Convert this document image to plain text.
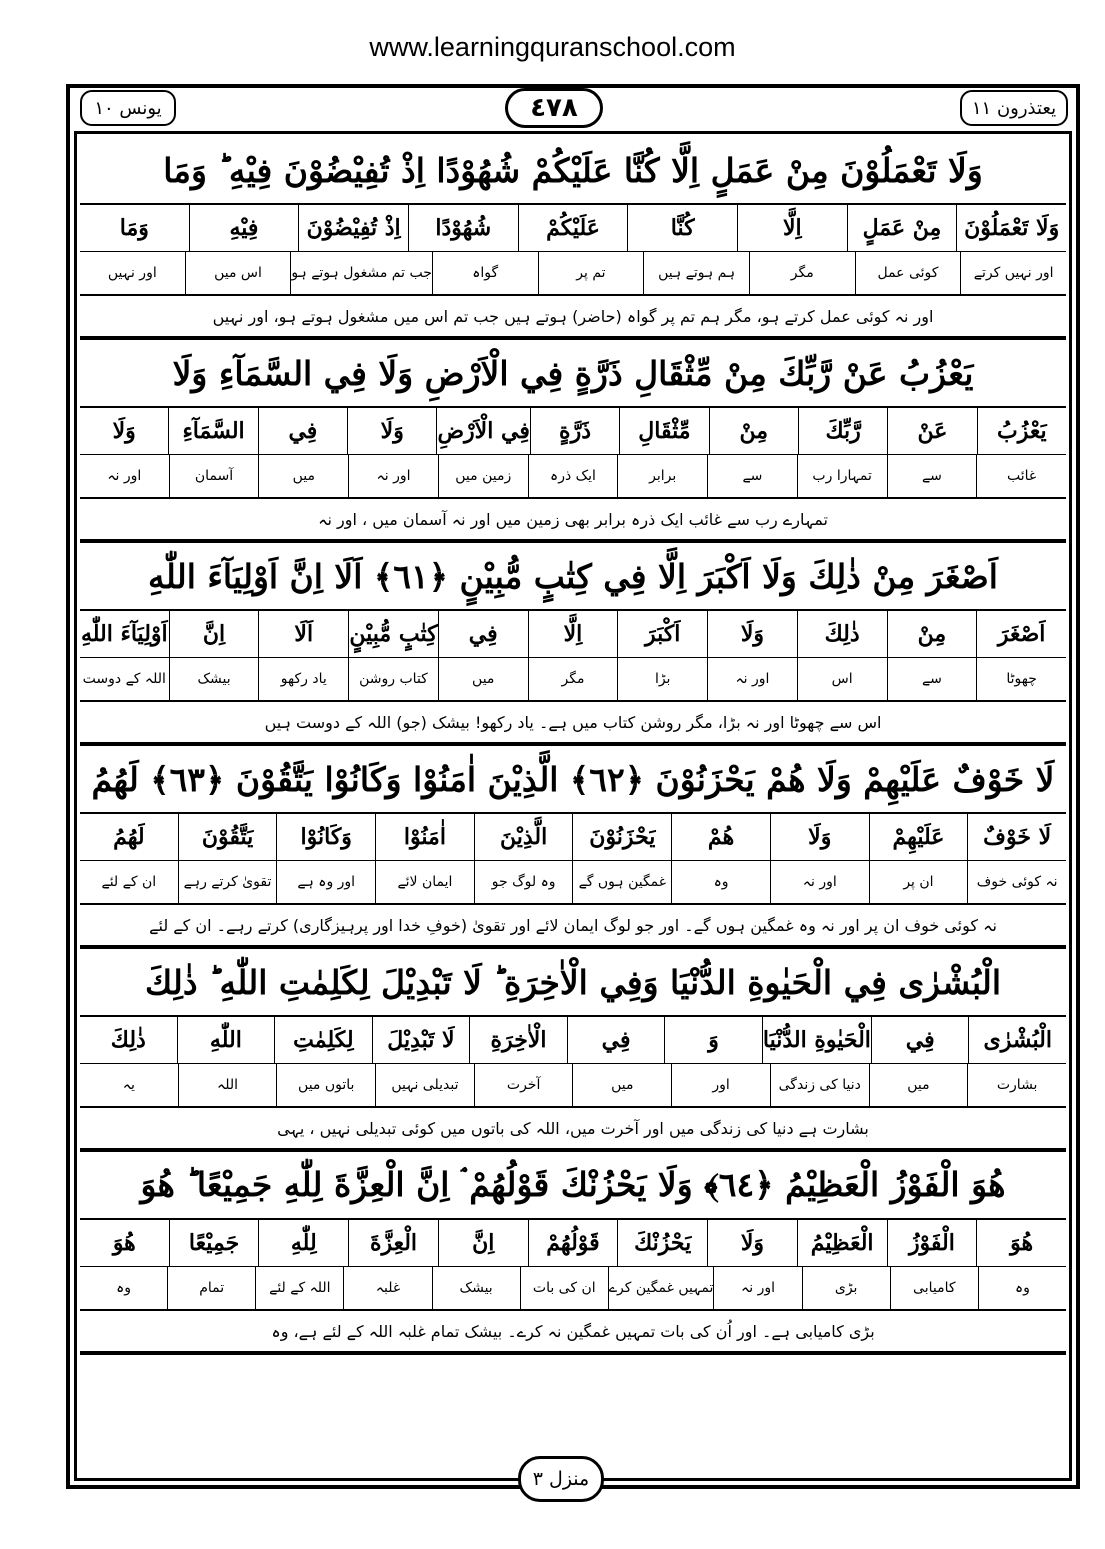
www.learningquranschool.com
يونس ١٠	٤٧٨	يعتذرون ١١
وَلَا تَعْمَلُوْنَ مِنْ عَمَلٍ اِلَّا كُنَّا عَلَيْكُمْ شُهُوْدًا اِذْ تُفِيْضُوْنَ فِيْهِ ؕ وَمَا
وَلَا تَعْمَلُوْنَ
مِنْ عَمَلٍ
اِلَّا
كُنَّا
عَلَيْكُمْ
شُهُوْدًا
اِذْ تُفِيْضُوْنَ
فِيْهِ
وَمَا
اور نہیں کرتے
کوئی عمل
مگر
ہم ہوتے ہیں
تم پر
گواہ
جب تم مشغول ہوتے ہو
اس میں
اور نہیں
اور نہ کوئی عمل کرتے ہو، مگر ہم تم پر گواہ (حاضر) ہوتے ہیں جب تم اس میں مشغول ہوتے ہو، اور نہیں
يَعْزُبُ عَنْ رَّبِّكَ مِنْ مِّثْقَالِ ذَرَّةٍ فِي الْاَرْضِ وَلَا فِي السَّمَآءِ وَلَا
يَعْزُبُ
عَنْ
رَّبِّكَ
مِنْ
مِّثْقَالِ
ذَرَّةٍ
فِي الْاَرْضِ
وَلَا
فِي
السَّمَآءِ
وَلَا
غائب
سے
تمہارا رب
سے
برابر
ایک ذرہ
زمین میں
اور نہ
میں
آسمان
اور نہ
تمہارے رب سے غائب ایک ذرہ برابر بھی زمین میں اور نہ آسمان میں ، اور نہ
اَصْغَرَ مِنْ ذٰلِكَ وَلَا اَكْبَرَ اِلَّا فِي كِتٰبٍ مُّبِيْنٍ ﴿٦١﴾ اَلَا اِنَّ اَوْلِيَآءَ اللّٰهِ
اَصْغَرَ
مِنْ
ذٰلِكَ
وَلَا
اَكْبَرَ
اِلَّا
فِي
كِتٰبٍ مُّبِيْنٍ
اَلَا
اِنَّ
اَوْلِيَآءَ اللّٰهِ
چھوٹا
سے
اس
اور نہ
بڑا
مگر
میں
کتاب روشن
یاد رکھو
بیشک
اللہ کے دوست
اس سے چھوٹا اور نہ بڑا، مگر روشن کتاب میں ہے۔ یاد رکھو! بیشک (جو) اللہ کے دوست ہیں
لَا خَوْفٌ عَلَيْهِمْ وَلَا هُمْ يَحْزَنُوْنَ ﴿٦٢﴾ الَّذِيْنَ اٰمَنُوْا وَكَانُوْا يَتَّقُوْنَ ﴿٦٣﴾ لَهُمُ
لَا خَوْفٌ
عَلَيْهِمْ
وَلَا
هُمْ
يَحْزَنُوْنَ
الَّذِيْنَ
اٰمَنُوْا
وَكَانُوْا
يَتَّقُوْنَ
لَهُمُ
نہ کوئی خوف
ان پر
اور نہ
وہ
غمگین ہوں گے
وہ لوگ جو
ایمان لائے
اور وہ ہے
تقویٰ کرتے رہے
ان کے لئے
نہ کوئی خوف ان پر اور نہ وہ غمگین ہوں گے۔ اور جو لوگ ایمان لائے اور تقویٰ (خوفِ خدا اور پرہیزگاری) کرتے رہے۔ ان کے لئے
الْبُشْرٰى فِي الْحَيٰوةِ الدُّنْيَا وَفِي الْاٰخِرَةِ ؕ لَا تَبْدِيْلَ لِكَلِمٰتِ اللّٰهِ ؕ ذٰلِكَ
الْبُشْرٰى
فِي
الْحَيٰوةِ الدُّنْيَا
وَ
فِي
الْاٰخِرَةِ
لَا تَبْدِيْلَ
لِكَلِمٰتِ
اللّٰهِ
ذٰلِكَ
بشارت
میں
دنیا کی زندگی
اور
میں
آخرت
تبدیلی نہیں
باتوں میں
اللہ
یہ
بشارت ہے دنیا کی زندگی میں اور آخرت میں، اللہ کی باتوں میں کوئی تبدیلی نہیں ، یہی
هُوَ الْفَوْزُ الْعَظِيْمُ ﴿٦٤﴾ وَلَا يَحْزُنْكَ قَوْلُهُمْ ۘ اِنَّ الْعِزَّةَ لِلّٰهِ جَمِيْعًا ؕ هُوَ
هُوَ
الْفَوْزُ
الْعَظِيْمُ
وَلَا
يَحْزُنْكَ
قَوْلُهُمْ
اِنَّ
الْعِزَّةَ
لِلّٰهِ
جَمِيْعًا
هُوَ
وہ
کامیابی
بڑی
اور نہ
تمہیں غمگین کرے
ان کی بات
بیشک
غلبہ
اللہ کے لئے
تمام
وہ
بڑی کامیابی ہے۔ اور اُن کی بات تمہیں غمگین نہ کرے۔ بیشک تمام غلبہ اللہ کے لئے ہے، وہ
منزل ٣
